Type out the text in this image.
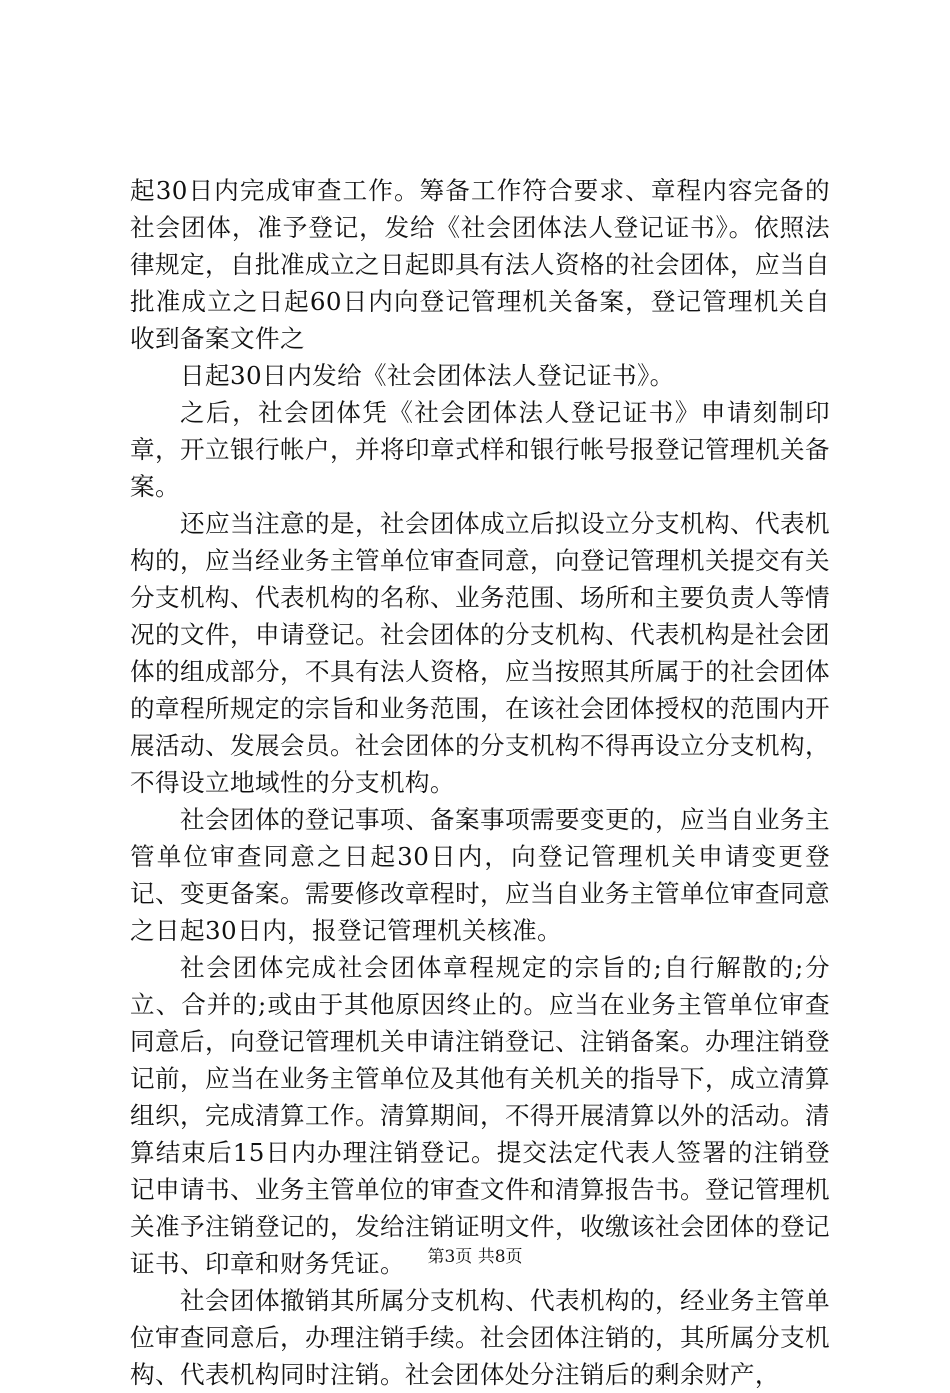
起30日内完成审查工作。筹备工作符合要求、章程内容完备的社会团体，准予登记，发给《社会团体法人登记证书》。依照法律规定，自批准成立之日起即具有法人资格的社会团体，应当自批准成立之日起60日内向登记管理机关备案，登记管理机关自收到备案文件之

日起30日内发给《社会团体法人登记证书》。

之后，社会团体凭《社会团体法人登记证书》申请刻制印章，开立银行帐户，并将印章式样和银行帐号报登记管理机关备案。

还应当注意的是，社会团体成立后拟设立分支机构、代表机构的，应当经业务主管单位审查同意，向登记管理机关提交有关分支机构、代表机构的名称、业务范围、场所和主要负责人等情况的文件，申请登记。社会团体的分支机构、代表机构是社会团体的组成部分，不具有法人资格，应当按照其所属于的社会团体的章程所规定的宗旨和业务范围，在该社会团体授权的范围内开展活动、发展会员。社会团体的分支机构不得再设立分支机构，不得设立地域性的分支机构。

社会团体的登记事项、备案事项需要变更的，应当自业务主管单位审查同意之日起30日内，向登记管理机关申请变更登记、变更备案。需要修改章程时，应当自业务主管单位审查同意之日起30日内，报登记管理机关核准。

社会团体完成社会团体章程规定的宗旨的;自行解散的;分立、合并的;或由于其他原因终止的。应当在业务主管单位审查同意后，向登记管理机关申请注销登记、注销备案。办理注销登记前，应当在业务主管单位及其他有关机关的指导下，成立清算组织，完成清算工作。清算期间，不得开展清算以外的活动。清算结束后15日内办理注销登记。提交法定代表人签署的注销登记申请书、业务主管单位的审查文件和清算报告书。登记管理机关准予注销登记的，发给注销证明文件，收缴该社会团体的登记证书、印章和财务凭证。

社会团体撤销其所属分支机构、代表机构的，经业务主管单位审查同意后，办理注销手续。社会团体注销的，其所属分支机构、代表机构同时注销。社会团体处分注销后的剩余财产，

第3页 共8页
